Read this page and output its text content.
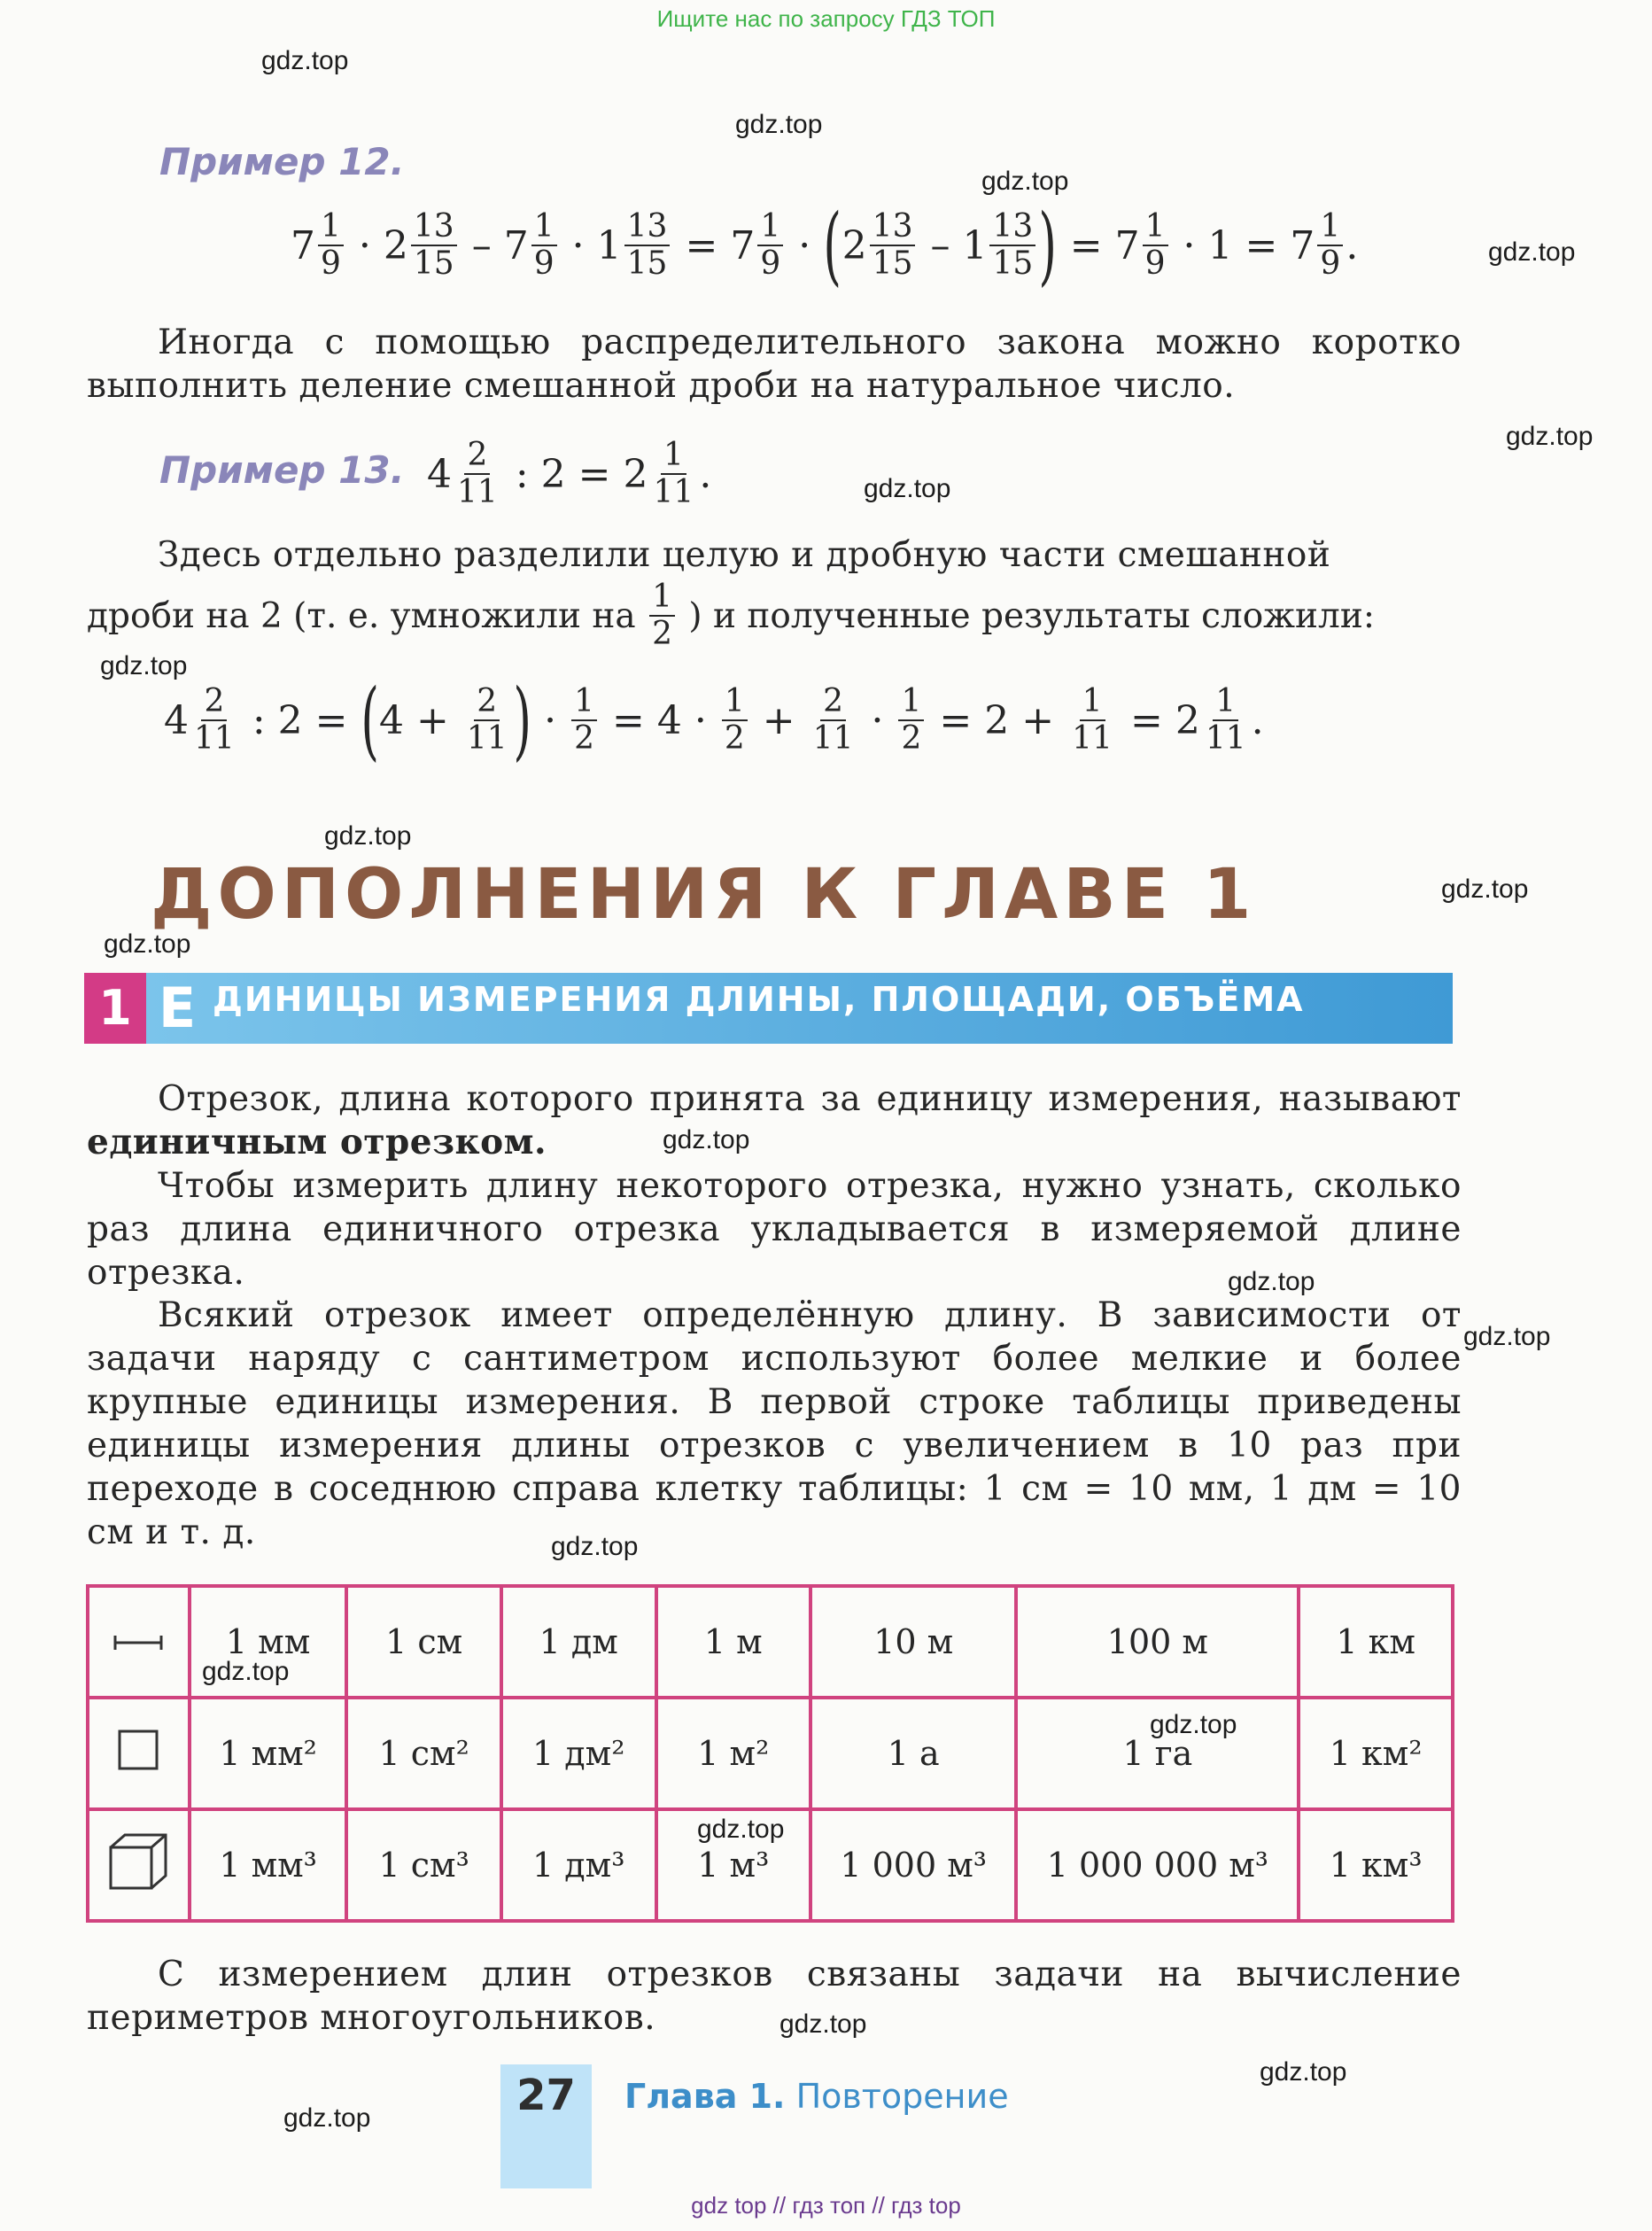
Ищите нас по запросу ГДЗ ТОП
gdz.top
gdz.top
gdz.top
gdz.top
gdz.top
gdz.top
gdz.top
gdz.top
gdz.top
gdz.top
gdz.top
gdz.top
gdz.top
gdz.top
gdz.top
gdz.top
gdz.top
gdz.top
gdz.top
gdz.top
Пример 12.
$7 \frac{1}{9} \cdot 2 \frac{13}{15} - 7 \frac{1}{9} \cdot 1 \frac{13}{15} = 7 \frac{1}{9}$ · ( $2 \frac{13}{15} - 1 \frac{13}{15}$ ) = $7 \frac{1}{9} \cdot 1 = 7 \frac{1}{9}$ .
Иногда с помощью распределительного закона можно коротко выполнить деление смешанной дроби на натуральное число.
Пример 13. $4 \frac{2}{11}$ : $2 = 2 \frac{1}{11}$ .
Здесь отдельно разделили целую и дробную части смешанной
дроби на 2 (т. е. умножили на
$\frac{1}{2}$
) и полученные результаты сложили:
$4 \frac{2}{11}$ : 2 = ( $4 + \frac{2}{11}$ ) · $\frac{1}{2} = 4 \cdot \frac{1}{2} + \frac{2}{11} \cdot \frac{1}{2} = 2 + \frac{1}{11} = 2 \frac{1}{11}$ .
ДОПОЛНЕНИЯ К ГЛАВЕ 1
1 Е ДИНИЦЫ ИЗМЕРЕНИЯ ДЛИНЫ, ПЛОЩАДИ, ОБЪЁМА
Отрезок, длина которого принята за единицу измерения, называют единичным отрезком.
Чтобы измерить длину некоторого отрезка, нужно узнать, сколько раз длина единичного отрезка укладывается в измеряемой длине отрезка.
Всякий отрезок имеет определённую длину. В зависимости от задачи наряду с сантиметром используют более мелкие и более крупные единицы измерения. В первой строке таблицы приведены единицы измерения длины отрезков с увеличением в 10 раз при переходе в соседнюю справа клетку таблицы: 1 см = 10 мм, 1 дм = 10 см и т. д.
	1 мм	1 см	1 дм	1 м	10 м	100 м	1 км
	1 мм²	1 см²	1 дм²	1 м²	1 а	1 га	1 км²
	1 мм³	1 см³	1 дм³	1 м³	1 000 м³	1 000 000 м³	1 км³
С измерением длин отрезков связаны задачи на вычисление периметров многоугольников.
27	Глава 1. Повторение
gdz top // гдз топ // гдз top
